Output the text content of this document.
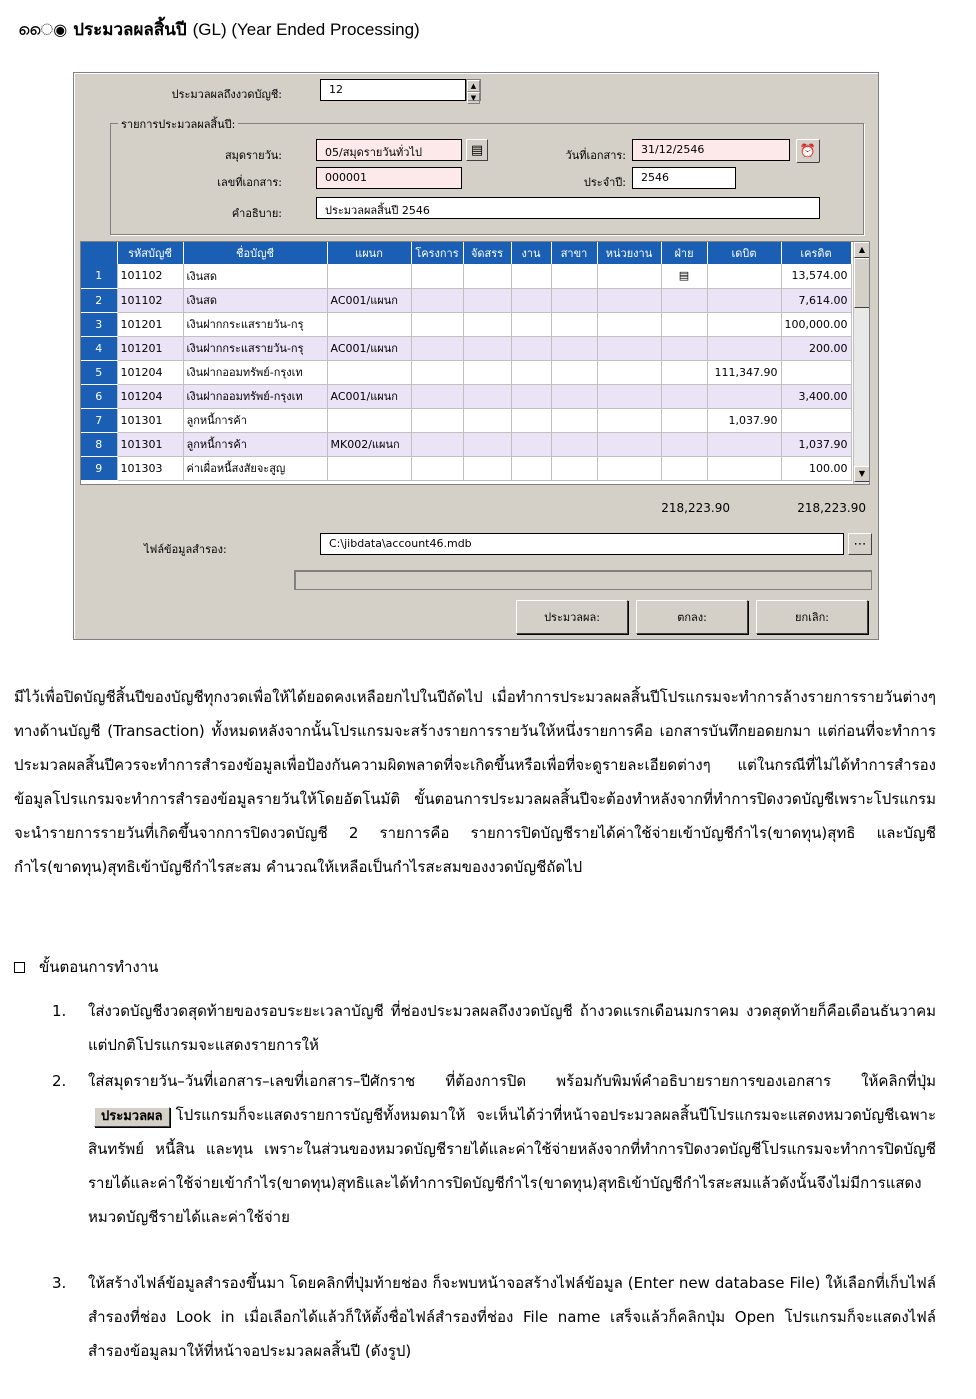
ൈ◉ ประมวลผลสิ้นปี (GL) (Year Ended Processing)
ประมวลผลถึงงวดบัญชี:	12	▲
▼
รายการประมวลผลสิ้นปี:
สมุดรายวัน:	05/สมุดรายวันทั่วไป	▤	วันที่เอกสาร:	31/12/2546	⏰
เลขที่เอกสาร:	000001	ประจำปี:	2546
คำอธิบาย:	ประมวลผลสิ้นปี 2546
	รหัสบัญชี	ชื่อบัญชี	แผนก	โครงการ	จัดสรร	งาน	สาขา	หน่วยงาน	ฝ่าย	เดบิต	เครดิต
1	101102	เงินสด							▤		13,574.00
2	101102	เงินสด	AC001/แผนก								7,614.00
3	101201	เงินฝากกระแสรายวัน-กรุ									100,000.00
4	101201	เงินฝากกระแสรายวัน-กรุ	AC001/แผนก								200.00
5	101204	เงินฝากออมทรัพย์-กรุงเท								111,347.90	
6	101204	เงินฝากออมทรัพย์-กรุงเท	AC001/แผนก								3,400.00
7	101301	ลูกหนี้การค้า								1,037.90	
8	101301	ลูกหนี้การค้า	MK002/แผนก								1,037.90
9	101303	ค่าเผื่อหนี้สงสัยจะสูญ									100.00
▲
▼
218,223.90	218,223.90
ไฟล์ข้อมูลสำรอง:	C:\jibdata\account46.mdb	⋯
ประมวลผล:	ตกลง:	ยกเลิก:
มีไว้เพื่อปิดบัญชีสิ้นปีของบัญชีทุกงวดเพื่อให้ได้ยอดคงเหลือยกไปในปีถัดไป เมื่อทำการประมวลผลสิ้นปีโปรแกรมจะทำการล้างรายการรายวันต่างๆทางด้านบัญชี (Transaction) ทั้งหมดหลังจากนั้นโปรแกรมจะสร้างรายการรายวันให้หนึ่งรายการคือ เอกสารบันทึกยอดยกมา แต่ก่อนที่จะทำการประมวลผลสิ้นปีควรจะทำการสำรองข้อมูลเพื่อป้องกันความผิดพลาดที่จะเกิดขึ้นหรือเพื่อที่จะดูรายละเอียดต่างๆ แต่ในกรณีที่ไม่ได้ทำการสำรองข้อมูลโปรแกรมจะทำการสำรองข้อมูลรายวันให้โดยอัตโนมัติ ขั้นตอนการประมวลผลสิ้นปีจะต้องทำหลังจากที่ทำการปิดงวดบัญชีเพราะโปรแกรมจะนำรายการรายวันที่เกิดขึ้นจากการปิดงวดบัญชี 2 รายการคือ รายการปิดบัญชีรายได้ค่าใช้จ่ายเข้าบัญชีกำไร(ขาดทุน)สุทธิ และบัญชีกำไร(ขาดทุน)สุทธิเข้าบัญชีกำไรสะสม คำนวณให้เหลือเป็นกำไรสะสมของงวดบัญชีถัดไป
ขั้นตอนการทำงาน
1. ใส่งวดบัญชีงวดสุดท้ายของรอบระยะเวลาบัญชี ที่ช่องประมวลผลถึงงวดบัญชี ถ้างวดแรกเดือนมกราคม งวดสุดท้ายก็คือเดือนธันวาคม แต่ปกติโปรแกรมจะแสดงรายการให้
2. ใส่สมุดรายวัน–วันที่เอกสาร–เลขที่เอกสาร–ปีศักราช ที่ต้องการปิด พร้อมกับพิมพ์คำอธิบายรายการของเอกสาร ให้คลิกที่ปุ่มประมวลผล โปรแกรมก็จะแสดงรายการบัญชีทั้งหมดมาให้ จะเห็นได้ว่าที่หน้าจอประมวลผลสิ้นปีโปรแกรมจะแสดงหมวดบัญชีเฉพาะ สินทรัพย์ หนี้สิน และทุน เพราะในส่วนของหมวดบัญชีรายได้และค่าใช้จ่ายหลังจากที่ทำการปิดงวดบัญชีโปรแกรมจะทำการปิดบัญชีรายได้และค่าใช้จ่ายเข้ากำไร(ขาดทุน)สุทธิและได้ทำการปิดบัญชีกำไร(ขาดทุน)สุทธิเข้าบัญชีกำไรสะสมแล้วดังนั้นจึงไม่มีการแสดงหมวดบัญชีรายได้และค่าใช้จ่าย
3. ให้สร้างไฟล์ข้อมูลสำรองขึ้นมา โดยคลิกที่ปุ่มท้ายช่อง ก็จะพบหน้าจอสร้างไฟล์ข้อมูล (Enter new database File) ให้เลือกที่เก็บไฟล์สำรองที่ช่อง Look in เมื่อเลือกได้แล้วก็ให้ตั้งชื่อไฟล์สำรองที่ช่อง File name เสร็จแล้วก็คลิกปุ่ม Open โปรแกรมก็จะแสดงไฟล์สำรองข้อมูลมาให้ที่หน้าจอประมวลผลสิ้นปี (ดังรูป)
